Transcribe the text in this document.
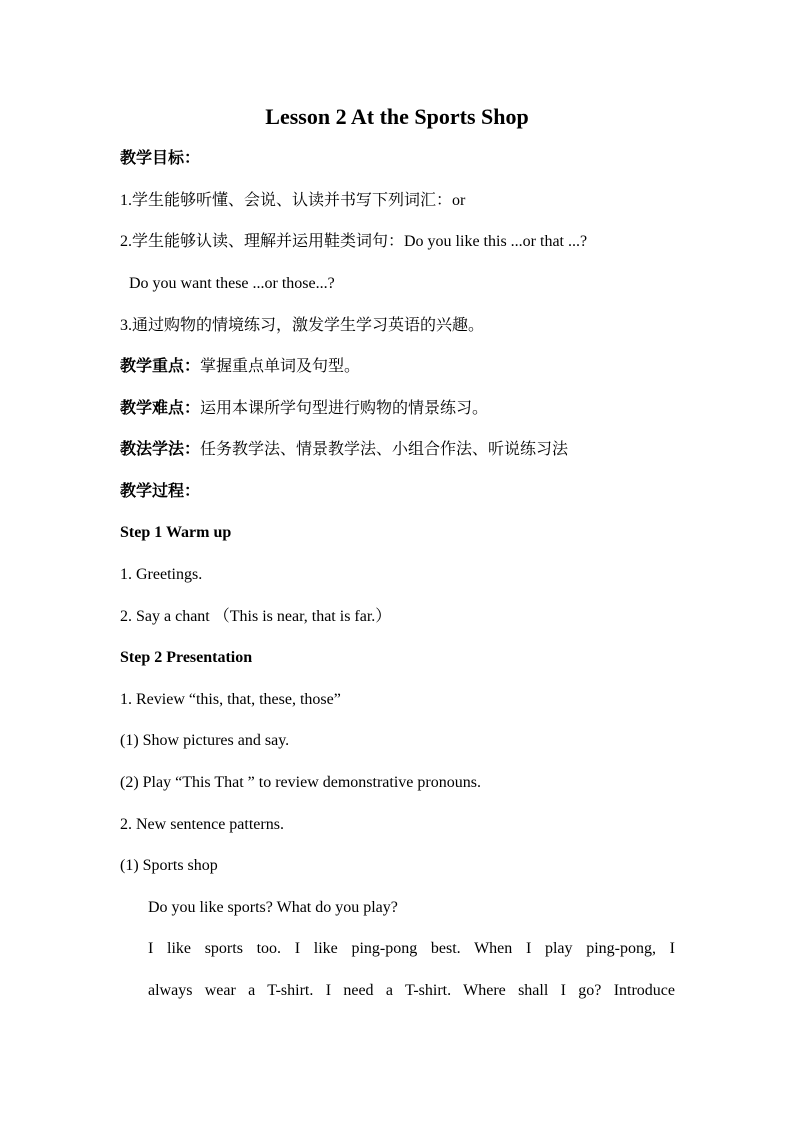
Lesson 2 At the Sports Shop
教学目标：
1.学生能够听懂、会说、认读并书写下列词汇：or
2.学生能够认读、理解并运用鞋类词句：Do you like this ...or that ...?
Do you want these ...or those...?
3.通过购物的情境练习，激发学生学习英语的兴趣。
教学重点：掌握重点单词及句型。
教学难点：运用本课所学句型进行购物的情景练习。
教法学法：任务教学法、情景教学法、小组合作法、听说练习法
教学过程：
Step 1 Warm up
1. Greetings.
2. Say a chant （This is near, that is far.）
Step 2 Presentation
1. Review “this, that, these, those”
(1) Show pictures and say.
(2) Play “This That ” to review demonstrative pronouns.
2. New sentence patterns.
(1) Sports shop
Do you like sports? What do you play?
I like sports too. I like ping-pong best. When I play ping-pong, I
always wear a T-shirt. I need a T-shirt. Where shall I go? Introduce
